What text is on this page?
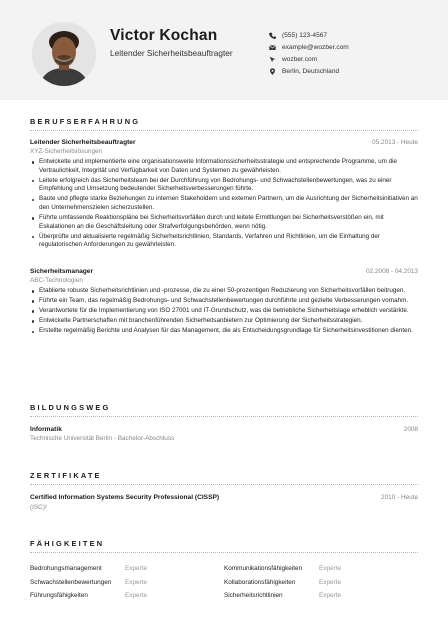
Victor Kochan
Leitender Sicherheitsbeauftragter
(555) 123-4567
example@wozber.com
wozber.com
Berlin, Deutschland
BERUFSERFAHRUNG
Leitender Sicherheitsbeauftragter	05.2013 - Heute
XYZ-Sicherheitslösungen
Entwickelte und implementierte eine organisationsweite Informationssicherheitsstrategie und entsprechende Programme, um die Vertraulichkeit, Integrität und Verfügbarkeit von Daten und Systemen zu gewährleisten.
Leitete erfolgreich das Sicherheitsteam bei der Durchführung von Bedrohungs- und Schwachstellenbewertungen, was zu einer Empfehlung und Umsetzung bedeutender Sicherheitsverbesserungen führte.
Baute und pflegte starke Beziehungen zu internen Stakeholdern und externen Partnern, um die Ausrichtung der Sicherheitsinitiativen an den Unternehmenszielen sicherzustellen.
Führte umfassende Reaktionspläne bei Sicherheitsvorfällen durch und leitete Ermittlungen bei Sicherheitsverstößen ein, mit Eskalationen an die Geschäftsleitung oder Strafverfolgungsbehörden, wenn nötig.
Überprüfte und aktualisierte regelmäßig Sicherheitsrichtlinien, Standards, Verfahren und Richtlinien, um die Einhaltung der regulatorischen Anforderungen zu gewährleisten.
Sicherheitsmanager	02.2008 - 04.2013
ABC-Technologien
Etablierte robuste Sicherheitsrichtlinien und -prozesse, die zu einer 50-prozentigen Reduzierung von Sicherheitsvorfällen beitrugen.
Führte ein Team, das regelmäßig Bedrohungs- und Schwachstellenbewertungen durchführte und gezielte Verbesserungen vornahm.
Verantwortete für die Implementierung von ISO 27001 und IT-Grundschutz, was die betriebliche Sicherheitslage erheblich verstärkte.
Entwickelte Partnerschaften mit branchenführenden Sicherheitsanbietern zur Optimierung der Sicherheitsstrategien.
Erstellte regelmäßig Berichte und Analysen für das Management, die als Entscheidungsgrundlage für Sicherheitsinvestitionen dienten.
BILDUNGSWEG
Informatik	2008
Technische Universität Berlin - Bachelor-Abschluss
ZERTIFIKATE
Certified Information Systems Security Professional (CISSP)	2010 - Heute
(ISC)²
FÄHIGKEITEN
Bedrohungsmanagement	Experte	Kommunikationsfähigkeiten	Experte
Schwachstellenbewertungen	Experte	Kollaborationsfähigkeiten	Experte
Führungsfähigkeiten	Experte	Sicherheitsrichtlinien	Experte
